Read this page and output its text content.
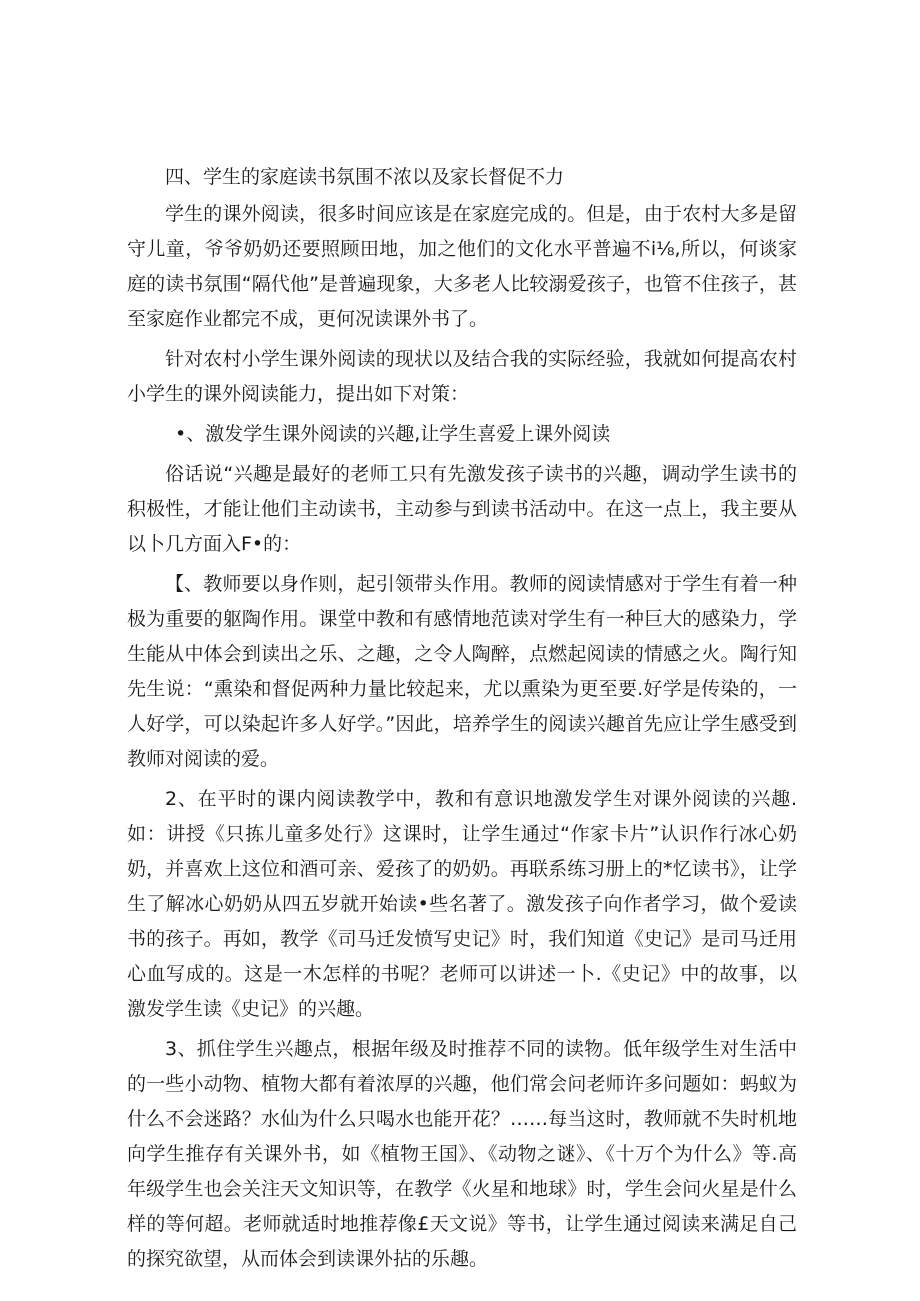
四、学生的家庭读书氛围不浓以及家长督促不力

学生的课外阅读，很多时间应该是在家庭完成的。但是，由于农村大多是留守儿童，爷爷奶奶还要照顾田地，加之他们的文化水平普遍不i⅛,所以，何谈家庭的读书氛围“隔代他”是普遍现象，大多老人比较溺爱孩子，也管不住孩子，甚至家庭作业都完不成，更何况读课外书了。

针对农村小学生课外阅读的现状以及结合我的实际经验，我就如何提高农村小学生的课外阅读能力，提出如下对策：

•、激发学生课外阅读的兴趣,让学生喜爱上课外阅读

俗话说“兴趣是最好的老师工只有先激发孩子读书的兴趣，调动学生读书的积极性，才能让他们主动读书，主动参与到读书活动中。在这一点上，我主要从以卜几方面入F•的：

【、教师要以身作则，起引领带头作用。教师的阅读情感对于学生有着一种极为重要的躯陶作用。课堂中教和有感情地范读对学生有一种巨大的感染力，学生能从中体会到读出之乐、之趣，之令人陶醉，点燃起阅读的情感之火。陶行知先生说：“熏染和督促两种力量比较起来，尤以熏染为更至要.好学是传染的，一人好学，可以染起许多人好学。”因此，培养学生的阅读兴趣首先应让学生感受到教师对阅读的爱。

2、在平时的课内阅读教学中，教和有意识地激发学生对课外阅读的兴趣.如：讲授《只拣儿童多处行》这课时，让学生通过“作家卡片”认识作行冰心奶奶，并喜欢上这位和酒可亲、爱孩了的奶奶。再联系练习册上的*忆读书》，让学生了解冰心奶奶从四五岁就开始读•些名著了。激发孩子向作者学习，做个爱读书的孩子。再如，教学《司马迁发愤写史记》时，我们知道《史记》是司马迁用心血写成的。这是一木怎样的书呢？老师可以讲述一卜.《史记》中的故事，以激发学生读《史记》的兴趣。

3、抓住学生兴趣点，根据年级及时推荐不同的读物。低年级学生对生活中的一些小动物、植物大都有着浓厚的兴趣，他们常会问老师许多问题如：蚂蚁为什么不会迷路？水仙为什么只喝水也能开花？……每当这时，教师就不失时机地向学生推存有关课外书，如《植物王国》、《动物之谜》、《十万个为什么》等.高年级学生也会关注天文知识等，在教学《火星和地球》时，学生会问火星是什么样的等何超。老师就适时地推荐像£天文说》等书，让学生通过阅读来满足自己的探究欲望，从而体会到读课外拈的乐趣。
